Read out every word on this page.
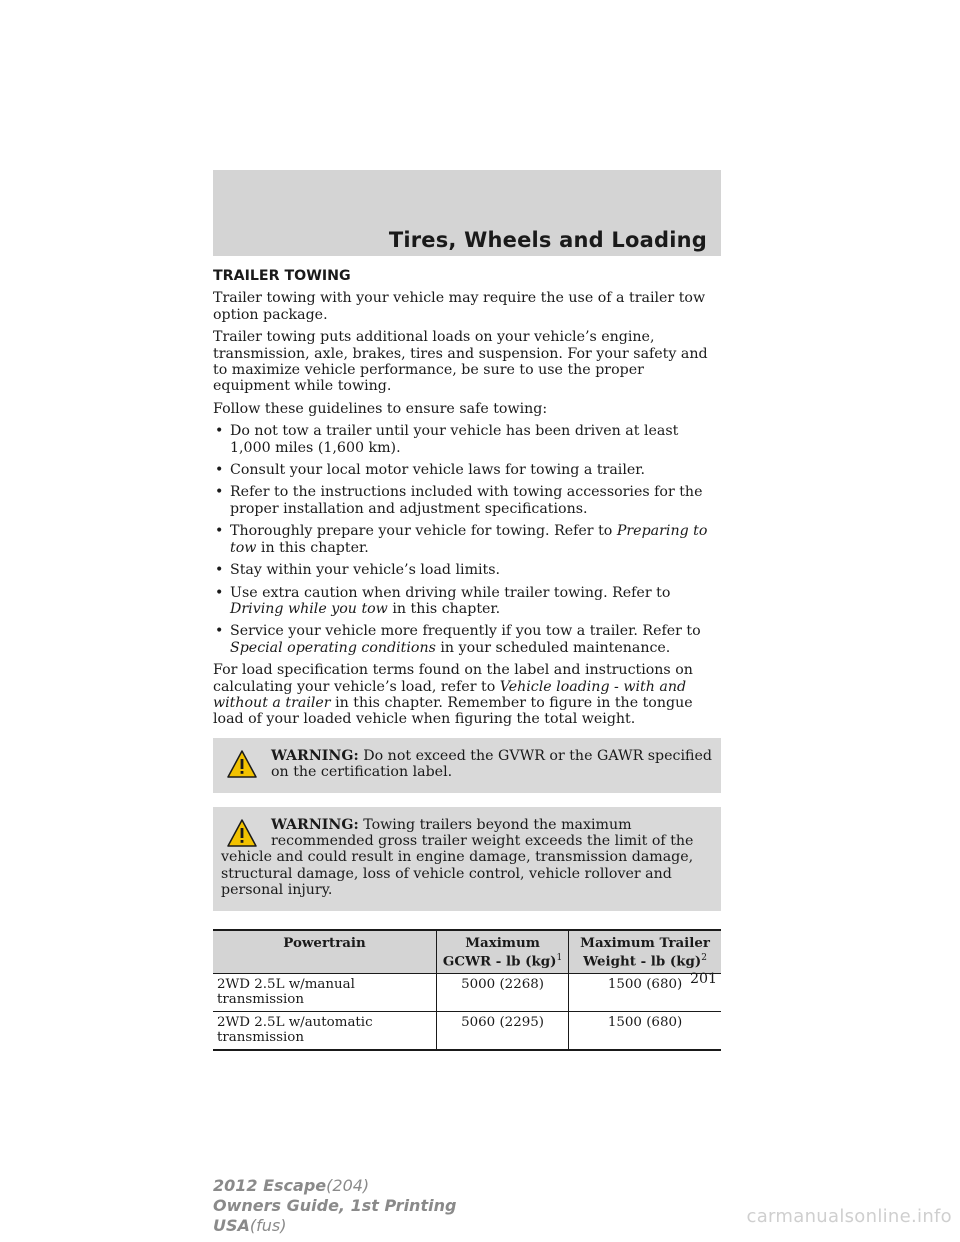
Tires, Wheels and Loading
TRAILER TOWING

Trailer towing with your vehicle may require the use of a trailer tow option package.

Trailer towing puts additional loads on your vehicle’s engine, transmission, axle, brakes, tires and suspension. For your safety and to maximize vehicle performance, be sure to use the proper equipment while towing.

Follow these guidelines to ensure safe towing:

• Do not tow a trailer until your vehicle has been driven at least 1,000 miles (1,600 km).
• Consult your local motor vehicle laws for towing a trailer.
• Refer to the instructions included with towing accessories for the proper installation and adjustment specifications.
• Thoroughly prepare your vehicle for towing. Refer to Preparing to tow in this chapter.
• Stay within your vehicle’s load limits.
• Use extra caution when driving while trailer towing. Refer to Driving while you tow in this chapter.
• Service your vehicle more frequently if you tow a trailer. Refer to Special operating conditions in your scheduled maintenance.

For load specification terms found on the label and instructions on calculating your vehicle’s load, refer to Vehicle loading - with and without a trailer in this chapter. Remember to figure in the tongue load of your loaded vehicle when figuring the total weight.

WARNING: Do not exceed the GVWR or the GAWR specified on the certification label.
WARNING: Towing trailers beyond the maximum recommended gross trailer weight exceeds the limit of the vehicle and could result in engine damage, transmission damage, structural damage, loss of vehicle control, vehicle rollover and personal injury.
Powertrain	Maximum GCWR - lb (kg)$^1$	Maximum Trailer Weight - lb (kg)$^2$
2WD 2.5L w/manual transmission	5000 (2268)	1500 (680)
2WD 2.5L w/automatic transmission	5060 (2295)	1500 (680)
201
2012 Escape(204)
Owners Guide, 1st Printing
USA(fus)	carmanualsonline.info
